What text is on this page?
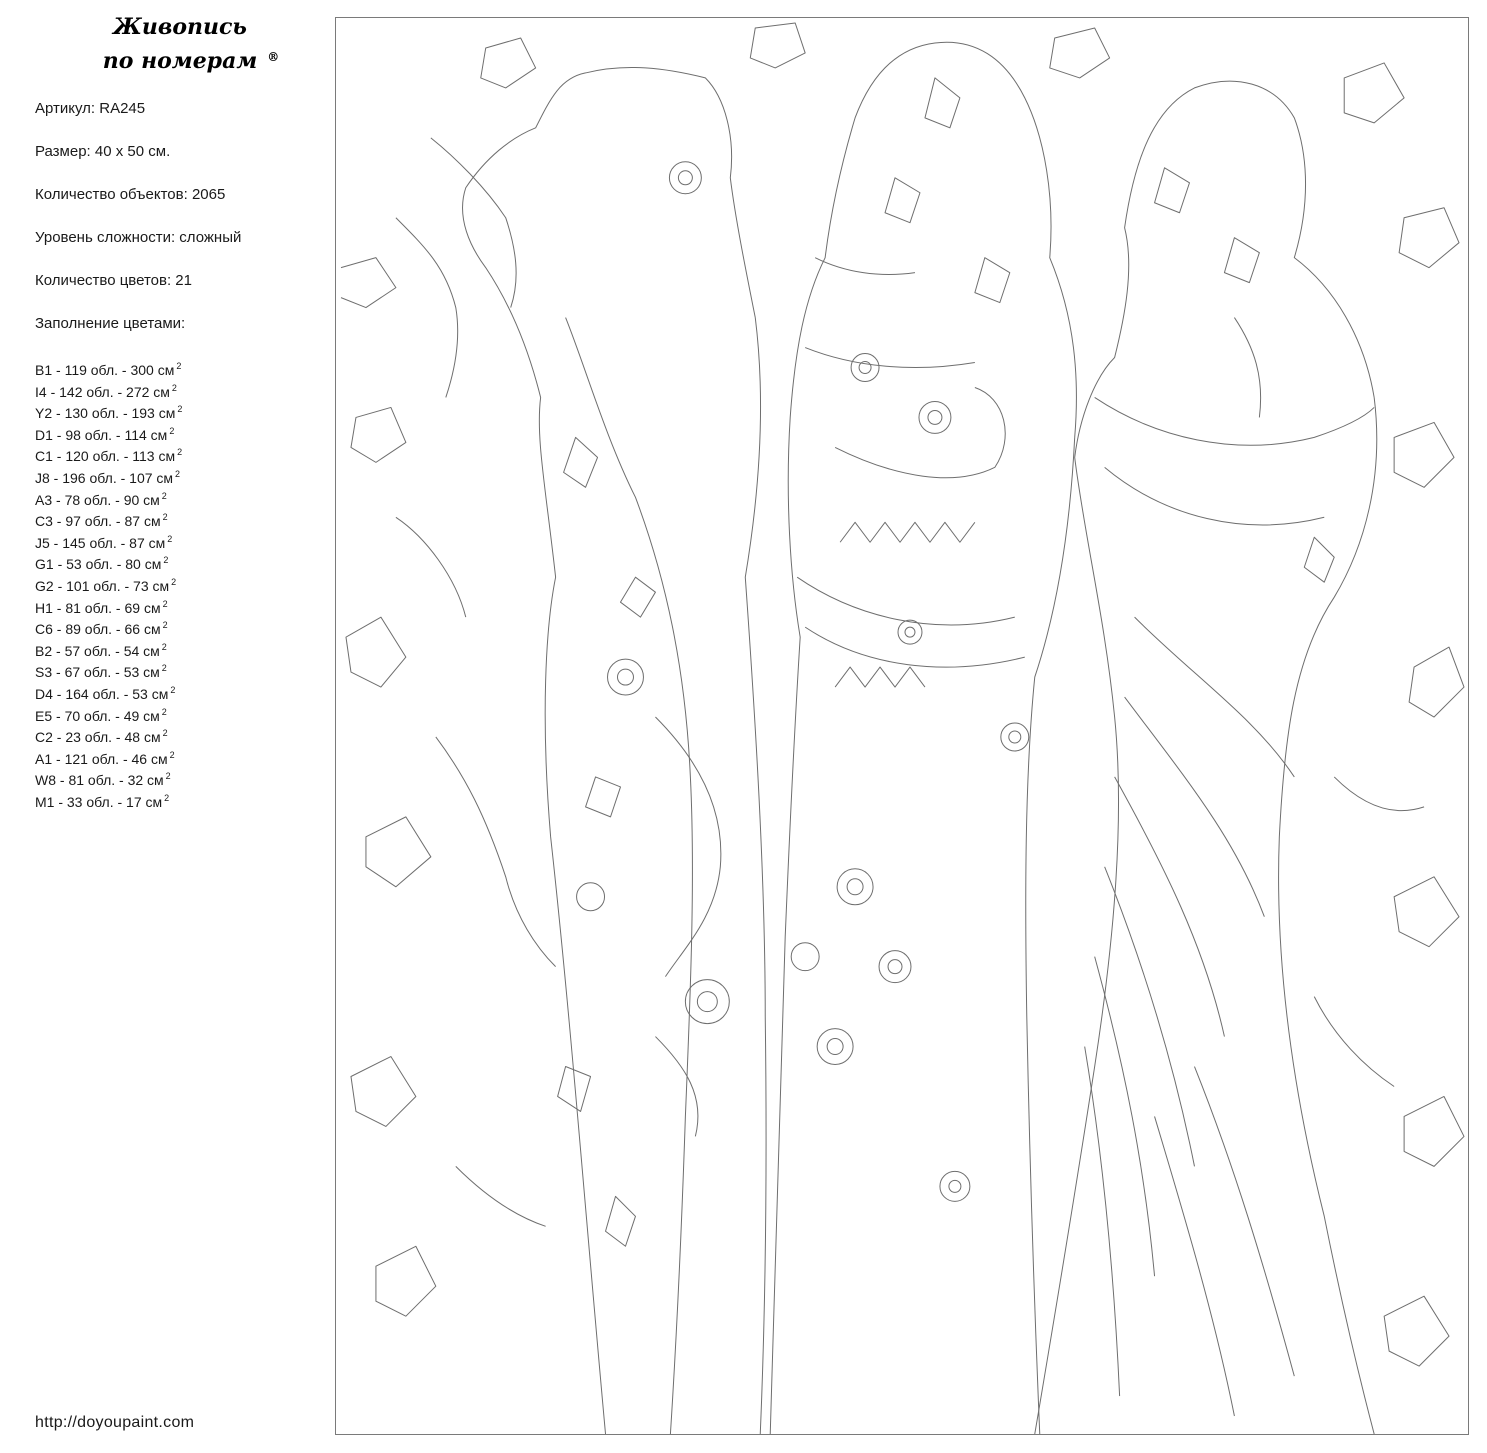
Живопись
по номерам ®
Артикул: RA245
Размер: 40 х 50 см.
Количество объектов: 2065
Уровень сложности: сложный
Количество цветов: 21
Заполнение цветами:
B1 - 119 обл. - 300 см $^2$
I4 - 142 обл. - 272 см $^2$
Y2 - 130 обл. - 193 см $^2$
D1 - 98 обл. - 114 см $^2$
C1 - 120 обл. - 113 см $^2$
J8 - 196 обл. - 107 см $^2$
A3 - 78 обл. - 90 см $^2$
C3 - 97 обл. - 87 см $^2$
J5 - 145 обл. - 87 см $^2$
G1 - 53 обл. - 80 см $^2$
G2 - 101 обл. - 73 см $^2$
H1 - 81 обл. - 69 см $^2$
C6 - 89 обл. - 66 см $^2$
B2 - 57 обл. - 54 см $^2$
S3 - 67 обл. - 53 см $^2$
D4 - 164 обл. - 53 см $^2$
E5 - 70 обл. - 49 см $^2$
C2 - 23 обл. - 48 см $^2$
A1 - 121 обл. - 46 см $^2$
W8 - 81 обл. - 32 см $^2$
M1 - 33 обл. - 17 см $^2$
http://doyoupaint.com
